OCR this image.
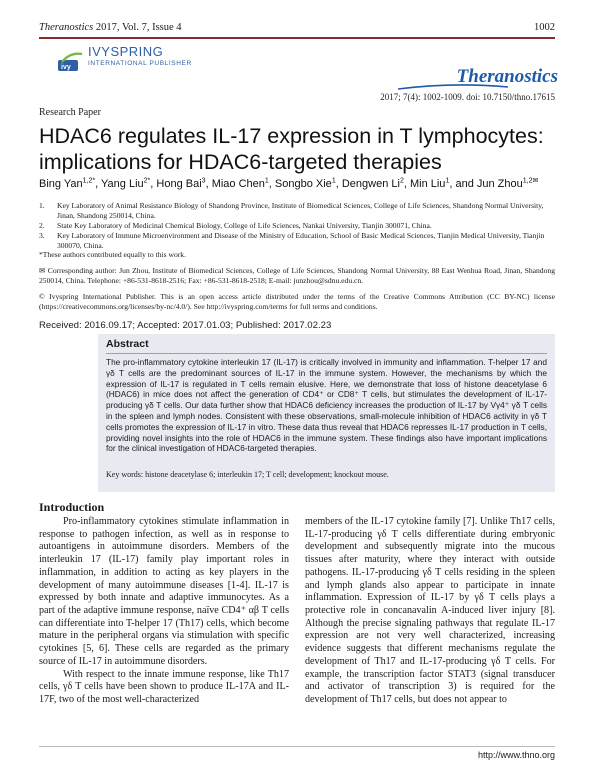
Theranostics 2017, Vol. 7, Issue 4	1002
ivy
IVYSPRING
INTERNATIONAL PUBLISHER
Theranostics
2017; 7(4): 1002-1009. doi: 10.7150/thno.17615
Research Paper
HDAC6 regulates IL-17 expression in T lymphocytes:
implications for HDAC6-targeted therapies
Bing Yan$^{1,2*}$, Yang Liu$^{2*}$, Hong Bai$^3$, Miao Chen$^1$, Songbo Xie$^1$, Dengwen Li$^2$, Min Liu$^1$, and Jun Zhou$^{1,2✉}$
1.	Key Laboratory of Animal Resistance Biology of Shandong Province, Institute of Biomedical Sciences, College of Life Sciences, Shandong Normal University, Jinan, Shandong 250014, China.
2.	State Key Laboratory of Medicinal Chemical Biology, College of Life Sciences, Nankai University, Tianjin 300071, China.
3.	Key Laboratory of Immune Microenvironment and Disease of the Ministry of Education, School of Basic Medical Sciences, Tianjin Medical University, Tianjin 300070, China.
*These authors contributed equally to this work.
✉ Corresponding author: Jun Zhou, Institute of Biomedical Sciences, College of Life Sciences, Shandong Normal University, 88 East Wenhua Road, Jinan, Shandong 250014, China. Telephone: +86-531-8618-2516; Fax: +86-531-8618-2518; E-mail: junzhou@sdnu.edu.cn.
© Ivyspring International Publisher. This is an open access article distributed under the terms of the Creative Commons Attribution (CC BY-NC) license (https://creativecommons.org/licenses/by-nc/4.0/). See http://ivyspring.com/terms for full terms and conditions.
Received: 2016.09.17; Accepted: 2017.01.03; Published: 2017.02.23
Abstract
The pro-inflammatory cytokine interleukin 17 (IL-17) is critically involved in immunity and inflammation. T-helper 17 and γδ T cells are the predominant sources of IL-17 in the immune system. However, the mechanisms by which the expression of IL-17 is regulated in T cells remain elusive. Here, we demonstrate that loss of histone deacetylase 6 (HDAC6) in mice does not affect the generation of CD4⁺ or CD8⁺ T cells, but stimulates the development of IL-17-producing γδ T cells. Our data further show that HDAC6 deficiency increases the production of IL-17 by Vγ4⁺ γδ T cells in the spleen and lymph nodes. Consistent with these observations, small-molecule inhibition of HDAC6 activity in γδ T cells promotes the expression of IL-17 in vitro. These data thus reveal that HDAC6 represses IL-17 production in T cells, providing novel insights into the role of HDAC6 in the immune system. These findings also have important implications for the clinical investigation of HDAC6-targeted therapies.
Key words: histone deacetylase 6; interleukin 17; T cell; development; knockout mouse.
Introduction

Pro-inflammatory cytokines stimulate inflammation in response to pathogen infection, as well as in response to autoantigens in autoimmune disorders. Members of the interleukin 17 (IL-17) family play important roles in inflammation, in addition to acting as key players in the development of many autoimmune diseases [1-4]. IL-17 is expressed by both innate and adaptive immunocytes. As a part of the adaptive immune response, naïve CD4⁺ αβ T cells can differentiate into T-helper 17 (Th17) cells, which become mature in the peripheral organs via stimulation with specific cytokines [5, 6]. These cells are regarded as the primary source of IL-17 in autoimmune disorders.

With respect to the innate immune response, like Th17 cells, γδ T cells have been shown to produce IL-17A and IL-17F, two of the most well-characterized

members of the IL-17 cytokine family [7]. Unlike Th17 cells, IL-17-producing γδ T cells differentiate during embryonic development and subsequently migrate into the mucous tissues after maturity, where they interact with outside pathogens. IL-17-producing γδ T cells residing in the spleen and lymph glands also appear to participate in innate inflammation. Expression of IL-17 by γδ T cells plays a protective role in concanavalin A-induced liver injury [8]. Although the precise signaling pathways that regulate IL-17 expression are not very well characterized, increasing evidence suggests that different mechanisms regulate the development of Th17 and IL-17-producing γδ T cells. For example, the transcription factor STAT3 (signal transducer and activator of transcription 3) is required for the development of Th17 cells, but does not appear to

http://www.thno.org
